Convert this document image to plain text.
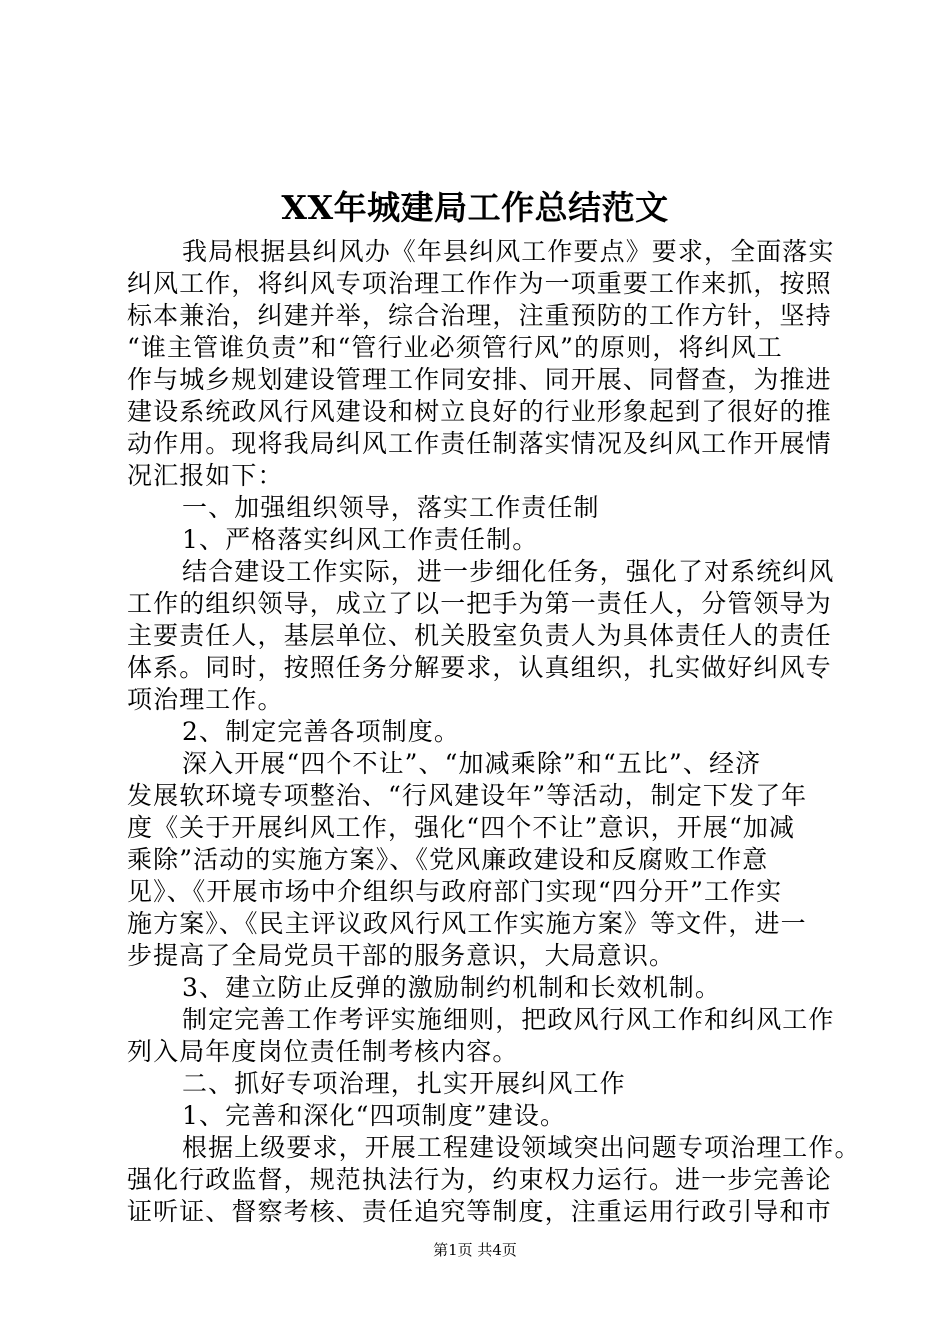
XX年城建局工作总结范文
我局根据县纠风办《年县纠风工作要点》要求，全面落实
纠风工作，将纠风专项治理工作作为一项重要工作来抓，按照
标本兼治，纠建并举，综合治理，注重预防的工作方针，坚持
“谁主管谁负责”和“管行业必须管行风”的原则，将纠风工
作与城乡规划建设管理工作同安排、同开展、同督查，为推进
建设系统政风行风建设和树立良好的行业形象起到了很好的推
动作用。现将我局纠风工作责任制落实情况及纠风工作开展情
况汇报如下：
一、加强组织领导，落实工作责任制
1、严格落实纠风工作责任制。
结合建设工作实际，进一步细化任务，强化了对系统纠风
工作的组织领导，成立了以一把手为第一责任人，分管领导为
主要责任人，基层单位、机关股室负责人为具体责任人的责任
体系。同时，按照任务分解要求，认真组织，扎实做好纠风专
项治理工作。
2、制定完善各项制度。
深入开展“四个不让”、“加减乘除”和“五比”、经济
发展软环境专项整治、“行风建设年”等活动，制定下发了年
度《关于开展纠风工作，强化“四个不让”意识，开展“加减
乘除”活动的实施方案》、《党风廉政建设和反腐败工作意
见》、《开展市场中介组织与政府部门实现“四分开”工作实
施方案》、《民主评议政风行风工作实施方案》等文件，进一
步提高了全局党员干部的服务意识，大局意识。
3、建立防止反弹的激励制约机制和长效机制。
制定完善工作考评实施细则，把政风行风工作和纠风工作
列入局年度岗位责任制考核内容。
二、抓好专项治理，扎实开展纠风工作
1、完善和深化“四项制度”建设。
根据上级要求，开展工程建设领域突出问题专项治理工作。
强化行政监督，规范执法行为，约束权力运行。进一步完善论
证听证、督察考核、责任追究等制度，注重运用行政引导和市
第1页 共4页
